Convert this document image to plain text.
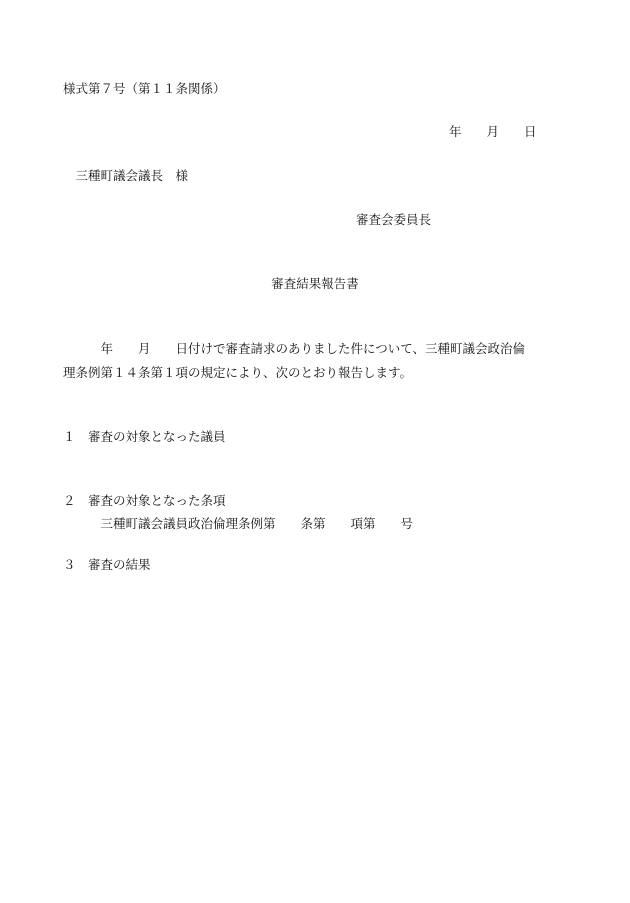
様式第７号（第１１条関係）
年　　月　　日
　三種町議会議長　様
審査会委員長
審査結果報告書
　　　年　　月　　日付けで審査請求のありました件について、三種町議会政治倫
理条例第１４条第１項の規定により、次のとおり報告します。
１　審査の対象となった議員
２　審査の対象となった条項
　　　三種町議会議員政治倫理条例第　　条第　　項第　　号
３　審査の結果
